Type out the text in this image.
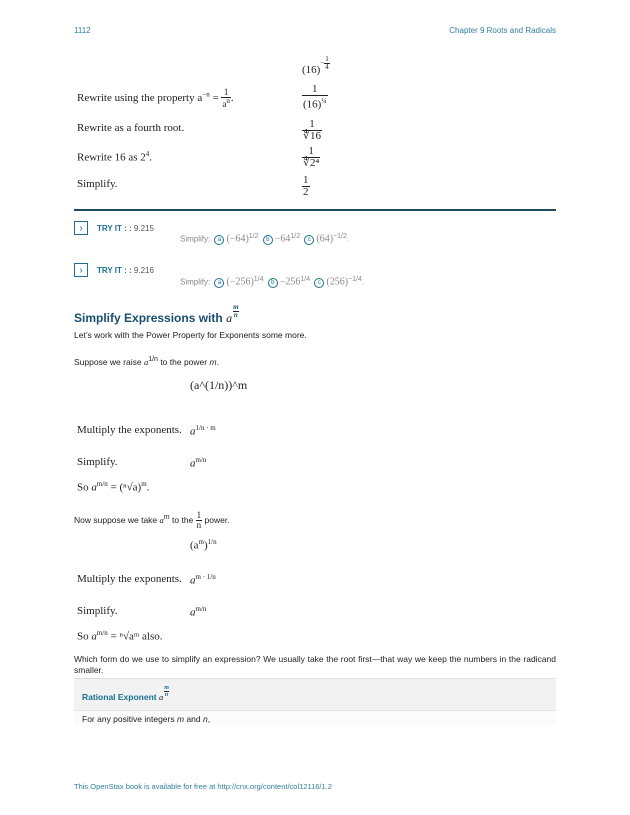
1112	Chapter 9 Roots and Radicals
$(16)^{- \frac{1}{4}}$
Rewrite using the property $a^{-n} = \frac{1}{a^n}$ .	$\frac{1}{(16)^{\frac{1}{4}}}$
Rewrite as a fourth root.	$\frac{1}{∜16}$
Rewrite 16 as $2^4$.	$\frac{1}{\text{∜2⁴}}$
Simplify.	$\frac{1}{2}$
›	TRY IT : : 9.215
Simplify: a $(-64)^{1/2}$ $b -64^{1/2}$ c $(64)^{-1/2}$.
›	TRY IT : : 9.216
Simplify: a $(-256)^{1/4}$ $b -256^{1/4}$ c $(256)^{-1/4}$.
Simplify Expressions with a $\frac{m}{n}$
Let’s work with the Power Property for Exponents some more.
Suppose we raise $a^{1/n}$ to the power m.
(a^(1/n))^m
Multiply the exponents. $a^{1/n \cdot m}$
Simplify.	$a^{m/n}$
So $a^{m/n} = (^n√a)^m$.
Now suppose we take $a^m$ to the $\frac{1}{n}$ power.
$(a^m)^{1/n}$
Multiply the exponents. $a^{m \cdot 1/n}$
Simplify.	$a^{m/n}$
So $a^{m/n}$ = ⁿ√aᵐ also.
Which form do we use to simplify an expression? We usually take the root first—that way we keep the numbers in the radicand smaller.
Rational Exponent a $\frac{m}{n}$
For any positive integers m and n,
This OpenStax book is available for free at http://cnx.org/content/col12116/1.2
